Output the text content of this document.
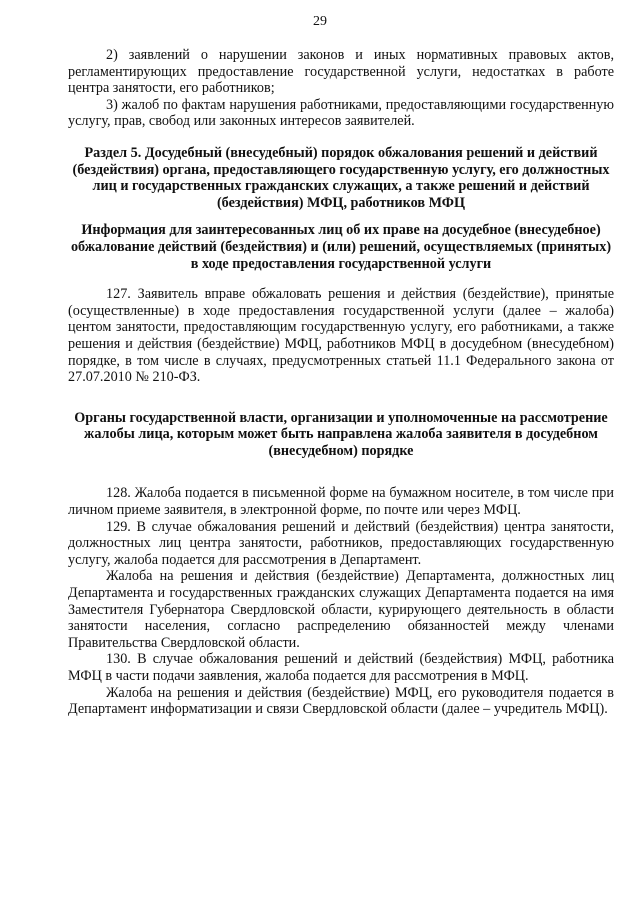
29

2) заявлений о нарушении законов и иных нормативных правовых актов, регламентирующих предоставление государственной услуги, недостатках в работе центра занятости, его работников;

3) жалоб по фактам нарушения работниками, предоставляющими государственную услугу, прав, свобод или законных интересов заявителей.

Раздел 5. Досудебный (внесудебный) порядок обжалования решений и действий (бездействия) органа, предоставляющего государственную услугу, его должностных лиц и государственных гражданских служащих, а также решений и действий (бездействия) МФЦ, работников МФЦ
Информация для заинтересованных лиц об их праве на досудебное (внесудебное) обжалование действий (бездействия) и (или) решений, осуществляемых (принятых) в ходе предоставления государственной услуги

127. Заявитель вправе обжаловать решения и действия (бездействие), принятые (осуществленные) в ходе предоставления государственной услуги (далее – жалоба) центом занятости, предоставляющим государственную услугу, его работниками, а также решения и действия (бездействие) МФЦ, работников МФЦ в досудебном (внесудебном) порядке, в том числе в случаях, предусмотренных статьей 11.1 Федерального закона от 27.07.2010 № 210-ФЗ.

Органы государственной власти, организации и уполномоченные на рассмотрение жалобы лица, которым может быть направлена жалоба заявителя в досудебном (внесудебном) порядке

128. Жалоба подается в письменной форме на бумажном носителе, в том числе при личном приеме заявителя, в электронной форме, по почте или через МФЦ.

129. В случае обжалования решений и действий (бездействия) центра занятости, должностных лиц центра занятости, работников, предоставляющих государственную услугу, жалоба подается для рассмотрения в Департамент.

Жалоба на решения и действия (бездействие) Департамента, должностных лиц Департамента и государственных гражданских служащих Департамента подается на имя Заместителя Губернатора Свердловской области, курирующего деятельность в области занятости населения, согласно распределению обязанностей между членами Правительства Свердловской области.

130. В случае обжалования решений и действий (бездействия) МФЦ, работника МФЦ в части подачи заявления, жалоба подается для рассмотрения в МФЦ.

Жалоба на решения и действия (бездействие) МФЦ, его руководителя подается в Департамент информатизации и связи Свердловской области (далее – учредитель МФЦ).
